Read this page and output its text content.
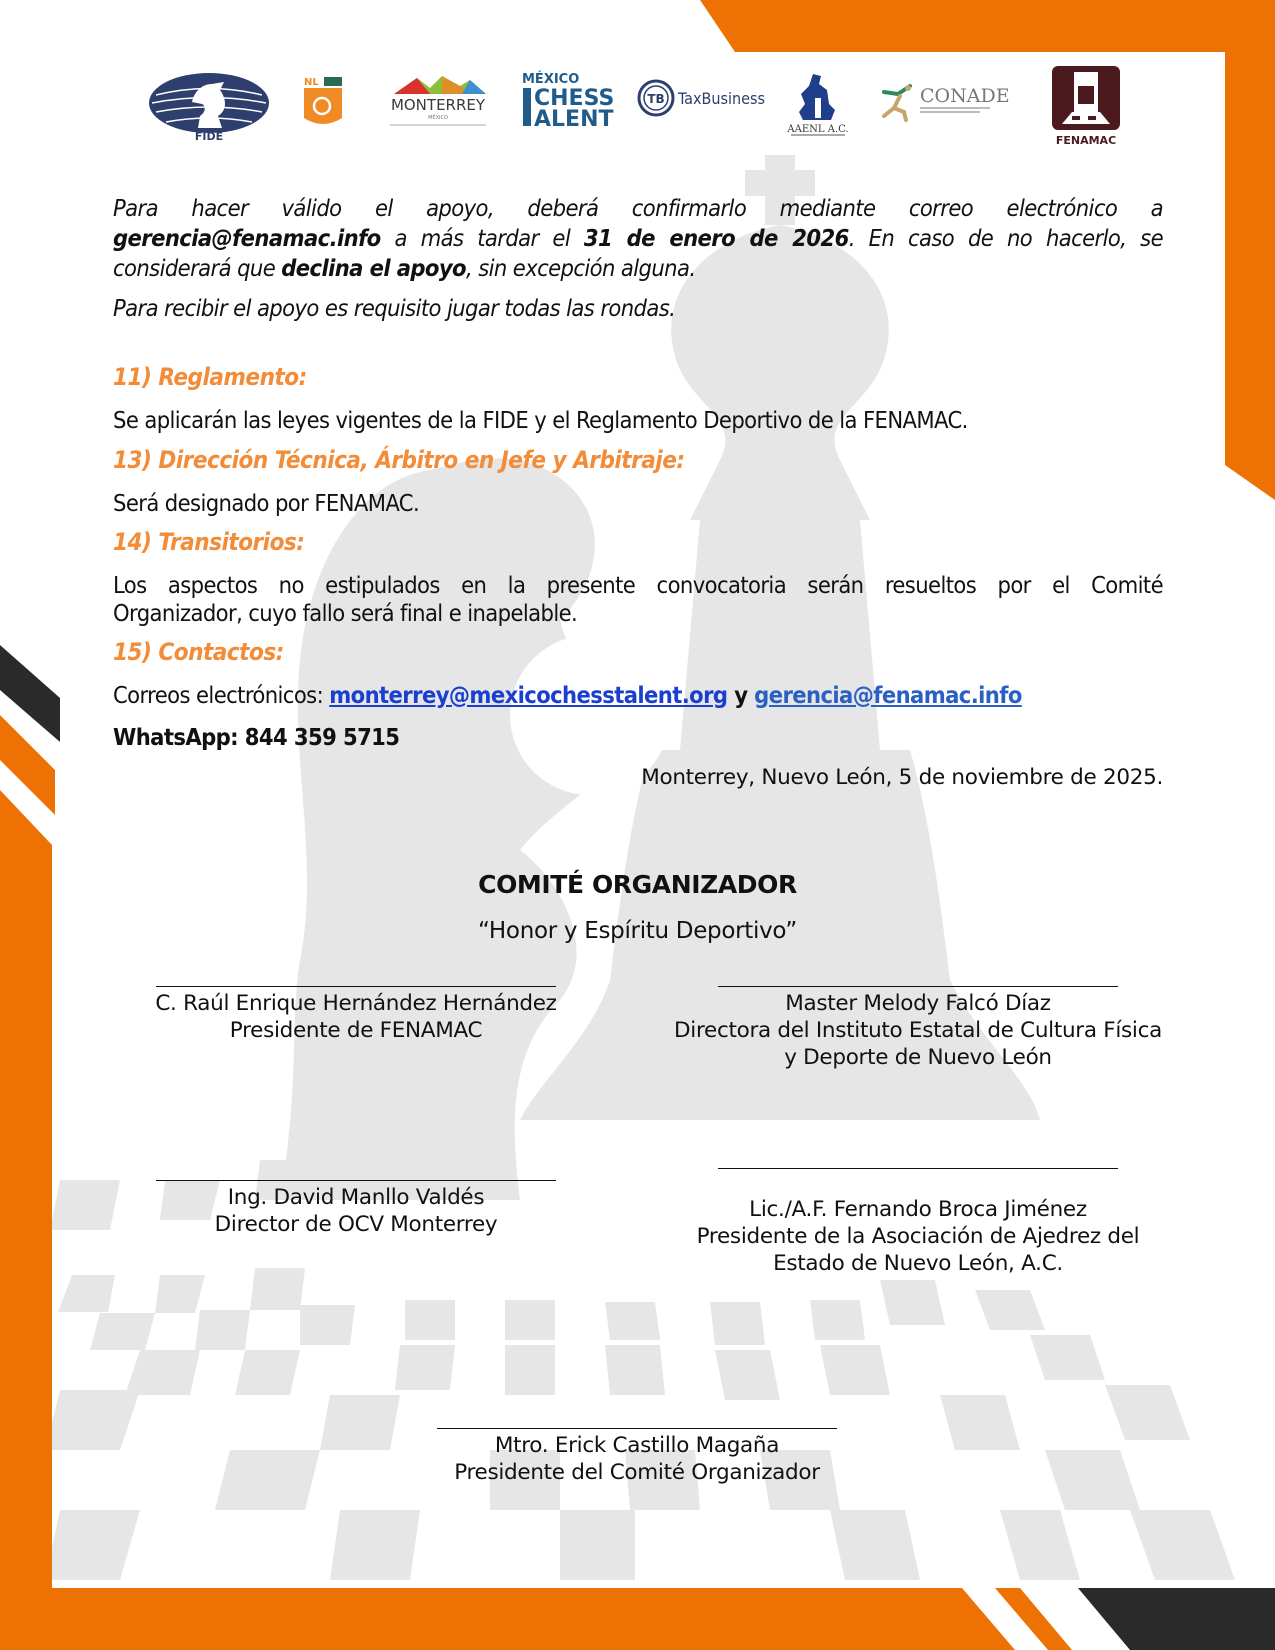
FIDE
NL
MONTERREY
MÉXICO
MÉXICO
CHESS
ALENT
TB TaxBusiness
AAENL A.C.
CONADE
FENAMAC
Para hacer válido el apoyo, deberá confirmarlo mediante correo electrónico a
gerencia@fenamac.info a más tardar el 31 de enero de 2026. En caso de no hacerlo, se
considerará que declina el apoyo, sin excepción alguna.
Para recibir el apoyo es requisito jugar todas las rondas.
11) Reglamento:
Se aplicarán las leyes vigentes de la FIDE y el Reglamento Deportivo de la FENAMAC.
13) Dirección Técnica, Árbitro en Jefe y Arbitraje:
Será designado por FENAMAC.
14) Transitorios:
Los aspectos no estipulados en la presente convocatoria serán resueltos por el Comité
Organizador, cuyo fallo será final e inapelable.
15) Contactos:
Correos electrónicos: monterrey@mexicochesstalent.org y gerencia@fenamac.info
WhatsApp: 844 359 5715
Monterrey, Nuevo León, 5 de noviembre de 2025.
COMITÉ ORGANIZADOR
“Honor y Espíritu Deportivo”
C. Raúl Enrique Hernández Hernández
Presidente de FENAMAC
Master Melody Falcó Díaz
Directora del Instituto Estatal de Cultura Física
y Deporte de Nuevo León
Ing. David Manllo Valdés
Director de OCV Monterrey
Lic./A.F. Fernando Broca Jiménez
Presidente de la Asociación de Ajedrez del
Estado de Nuevo León, A.C.
Mtro. Erick Castillo Magaña
Presidente del Comité Organizador
